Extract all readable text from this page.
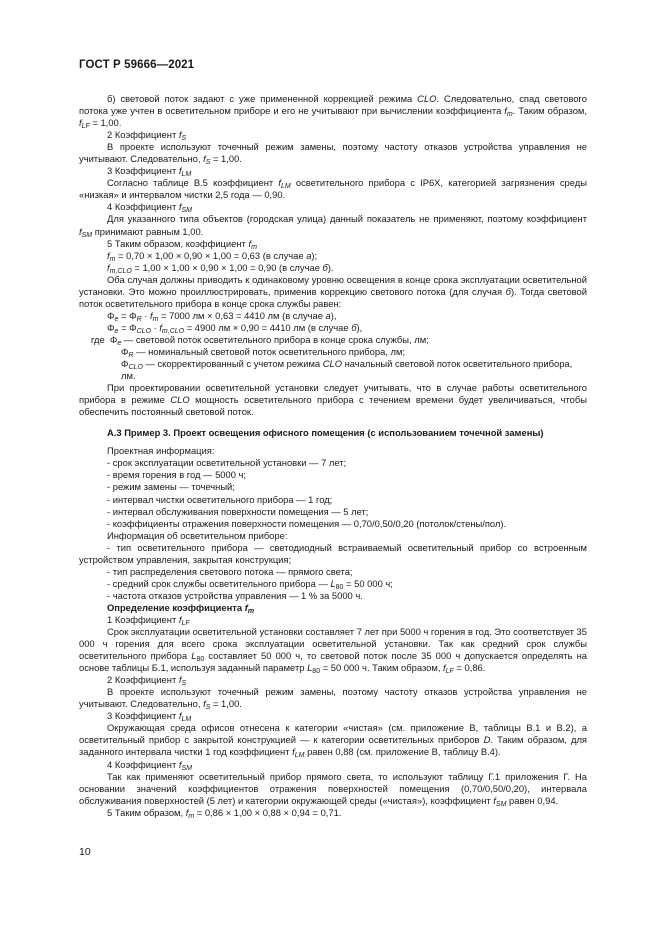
ГОСТ Р 59666—2021

б) световой поток задают с уже примененной коррекцией режима CLO. Следовательно, спад светового потока уже учтен в осветительном приборе и его не учитывают при вычислении коэффициента $f_m$. Таким образом, $f_{LF} = 1,00$.

2 Коэффициент $f_S$

В проекте используют точечный режим замены, поэтому частоту отказов устройства управления не учитывают. Следовательно, $f_S = 1,00$.

3 Коэффициент $f_{LM}$

Согласно таблице В.5 коэффициент $f_{LM}$ осветительного прибора с IP6X, категорией загрязнения среды «низкая» и интервалом чистки 2,5 года — 0,90.

4 Коэффициент $f_{SM}$

Для указанного типа объектов (городская улица) данный показатель не применяют, поэтому коэффициент $f_{SM}$ принимают равным 1,00.

5 Таким образом, коэффициент $f_m$

$f_m = 0,70 \times 1,00 \times 0,90 \times 1,00 = 0,63$ (в случае а);

$f_{m,CLO} = 1,00 \times 1,00 \times 0,90 \times 1,00 = 0,90$ (в случае б).

Оба случая должны приводить к одинаковому уровню освещения в конце срока эксплуатации осветительной установки. Это можно проиллюстрировать, применив коррекцию светового потока (для случая б). Тогда световой поток осветительного прибора в конце срока службы равен:

$\Phi_e = \Phi_R \cdot f_m = 7000$ лм × 0,63 = 4410 лм (в случае а),

$\Phi_e = \Phi_{CLO} \cdot f_{m,CLO} = 4900$ лм × 0,90 = 4410 лм (в случае б),

где $\Phi_e$ — световой поток осветительного прибора в конце срока службы, лм;

$\Phi_R$ — номинальный световой поток осветительного прибора, лм;

$\Phi_{CLO}$ — скорректированный с учетом режима CLO начальный световой поток осветительного прибора, лм.

При проектировании осветительной установки следует учитывать, что в случае работы осветительного прибора в режиме CLO мощность осветительного прибора с течением времени будет увеличиваться, чтобы обеспечить постоянный световой поток.

А.3 Пример 3. Проект освещения офисного помещения (с использованием точечной замены)

Проектная информация:

- срок эксплуатации осветительной установки — 7 лет;

- время горения в год — 5000 ч;

- режим замены — точечный;

- интервал чистки осветительного прибора — 1 год;

- интервал обслуживания поверхности помещения — 5 лет;

- коэффициенты отражения поверхности помещения — 0,70/0,50/0,20 (потолок/стены/пол).

Информация об осветительном приборе:

- тип осветительного прибора — светодиодный встраиваемый осветительный прибор со встроенным устройством управления, закрытая конструкция;

- тип распределения светового потока — прямого света;

- средний срок службы осветительного прибора — $L_{80} = 50$ 000 ч;

- частота отказов устройства управления — 1 % за 5000 ч.

Определение коэффициента $f_m$

1 Коэффициент $f_{LF}$

Срок эксплуатации осветительной установки составляет 7 лет при 5000 ч горения в год. Это соответствует 35 000 ч горения для всего срока эксплуатации осветительной установки. Так как средний срок службы осветительного прибора $L_{80}$ составляет 50 000 ч, то световой поток после 35 000 ч допускается определять на основе таблицы Б.1, используя заданный параметр $L_{80} = 50$ 000 ч. Таким образом, $f_{LF} = 0,86$.

2 Коэффициент $f_S$

В проекте используют точечный режим замены, поэтому частоту отказов устройства управления не учитывают. Следовательно, $f_S = 1,00$.

3 Коэффициент $f_{LM}$

Окружающая среда офисов отнесена к категории «чистая» (см. приложение В, таблицы В.1 и В.2), а осветительный прибор с закрытой конструкцией — к категории осветительных приборов D. Таким образом, для заданного интервала чистки 1 год коэффициент $f_{LM}$ равен 0,88 (см. приложение В, таблицу В.4).

4 Коэффициент $f_{SM}$

Так как применяют осветительный прибор прямого света, то используют таблицу Г.1 приложения Г. На основании значений коэффициентов отражения поверхностей помещения (0,70/0,50/0,20), интервала обслуживания поверхностей (5 лет) и категории окружающей среды («чистая»), коэффициент $f_{SM}$ равен 0,94.

5 Таким образом, $f_m = 0,86 \times 1,00 \times 0,88 \times 0,94 = 0,71$.

10
